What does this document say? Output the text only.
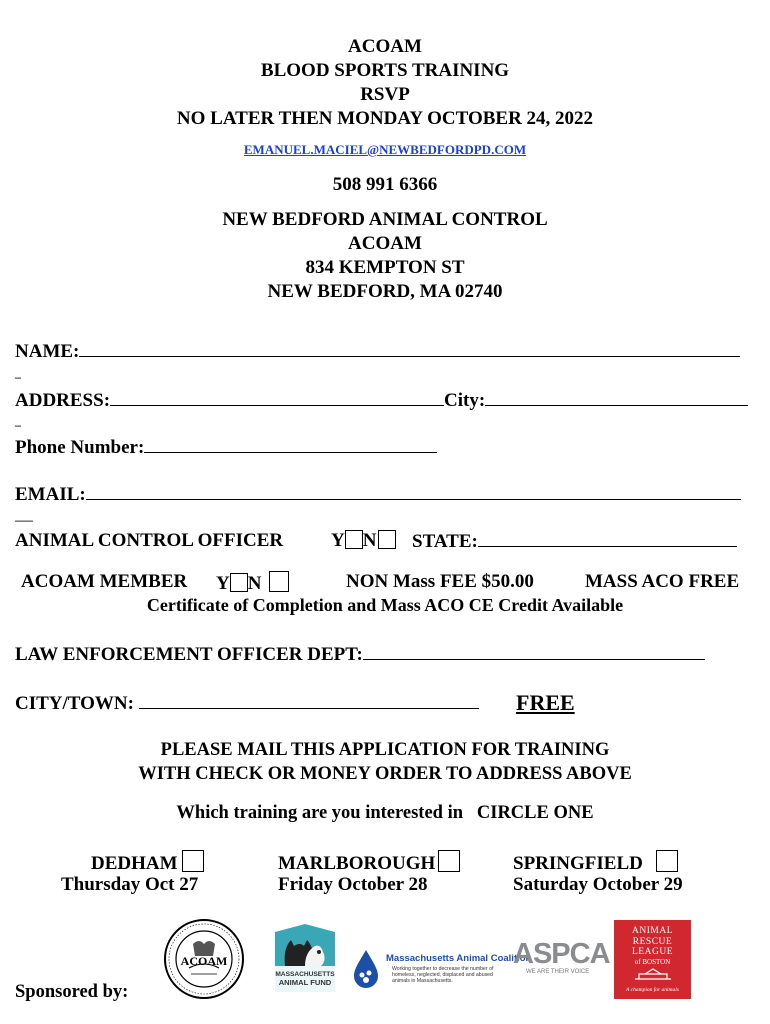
ACOAM
BLOOD SPORTS TRAINING
RSVP
NO LATER THEN MONDAY OCTOBER 24, 2022
EMANUEL.MACIEL@NEWBEDFORDPD.COM
508 991 6366
NEW BEDFORD ANIMAL CONTROL
ACOAM
834 KEMPTON ST
NEW BEDFORD, MA 02740
NAME:
_
ADDRESS:	City:
_
Phone Number:
EMAIL:
___
ANIMAL CONTROL OFFICER	Y N	STATE:
ACOAM MEMBER Y N	NON Mass FEE $50.00	MASS ACO FREE
Certificate of Completion and Mass ACO CE Credit Available
LAW ENFORCEMENT OFFICER DEPT:
CITY/TOWN:	FREE
PLEASE MAIL THIS APPLICATION FOR TRAINING
WITH CHECK OR MONEY ORDER TO ADDRESS ABOVE
Which training are you interested in   CIRCLE ONE
DEDHAM
Thursday Oct 27
MARLBOROUGH
Friday October 28
SPRINGFIELD
Saturday October 29
Sponsored by:
ACOAM
MASSACHUSETTS
ANIMAL FUND
Massachusetts Animal Coalition
Working together to decrease the number of homeless, neglected, displaced and abused animals in Massachusetts.
ASPCA
WE ARE THEIR VOICE
ANIMAL
RESCUE
LEAGUE
of BOSTON
A champion for animals
